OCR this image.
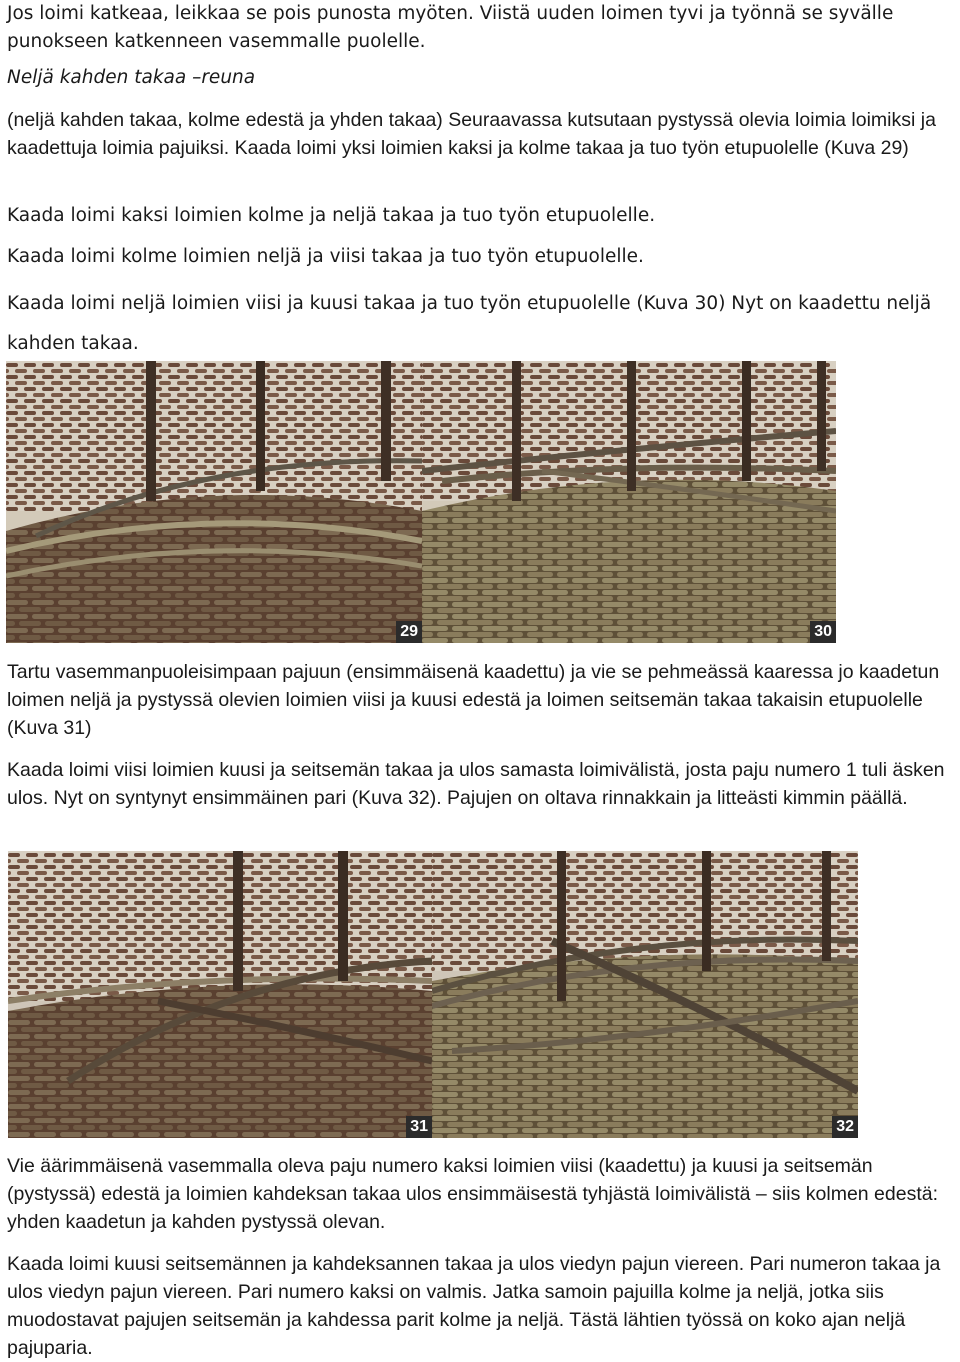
Jos loimi katkeaa, leikkaa se pois punosta myöten. Viistä uuden loimen tyvi ja työnnä se syvälle punokseen katkenneen vasemmalle puolelle.

Neljä kahden takaa –reuna

(neljä kahden takaa, kolme edestä ja yhden takaa) Seuraavassa kutsutaan pystyssä olevia loimia loimiksi ja kaadettuja loimia pajuiksi. Kaada loimi yksi loimien kaksi ja kolme takaa ja tuo työn etupuolelle (Kuva 29)

Kaada loimi kaksi loimien kolme ja neljä takaa ja tuo työn etupuolelle.

Kaada loimi kolme loimien neljä ja viisi takaa ja tuo työn etupuolelle.

Kaada loimi neljä loimien viisi ja kuusi takaa ja tuo työn etupuolelle (Kuva 30) Nyt on kaadettu neljä kahden takaa.

29	30

Tartu vasemmanpuoleisimpaan pajuun (ensimmäisenä kaadettu) ja vie se pehmeässä kaaressa jo kaadetun loimen neljä ja pystyssä olevien loimien viisi ja kuusi edestä ja loimen seitsemän takaa takaisin etupuolelle (Kuva 31)

Kaada loimi viisi loimien kuusi ja seitsemän takaa ja ulos samasta loimivälistä, josta paju numero 1 tuli äsken ulos. Nyt on syntynyt ensimmäinen pari (Kuva 32). Pajujen on oltava rinnakkain ja litteästi kimmin päällä.

31	32

Vie äärimmäisenä vasemmalla oleva paju numero kaksi loimien viisi (kaadettu) ja kuusi ja seitsemän (pystyssä) edestä ja loimien kahdeksan takaa ulos ensimmäisestä tyhjästä loimivälistä – siis kolmen edestä: yhden kaadetun ja kahden pystyssä olevan.

Kaada loimi kuusi seitsemännen ja kahdeksannen takaa ja ulos viedyn pajun viereen. Pari numeron takaa ja ulos viedyn pajun viereen. Pari numero kaksi on valmis. Jatka samoin pajuilla kolme ja neljä, jotka siis muodostavat pajujen seitsemän ja kahdessa parit kolme ja neljä. Tästä lähtien työssä on koko ajan neljä pajuparia.
